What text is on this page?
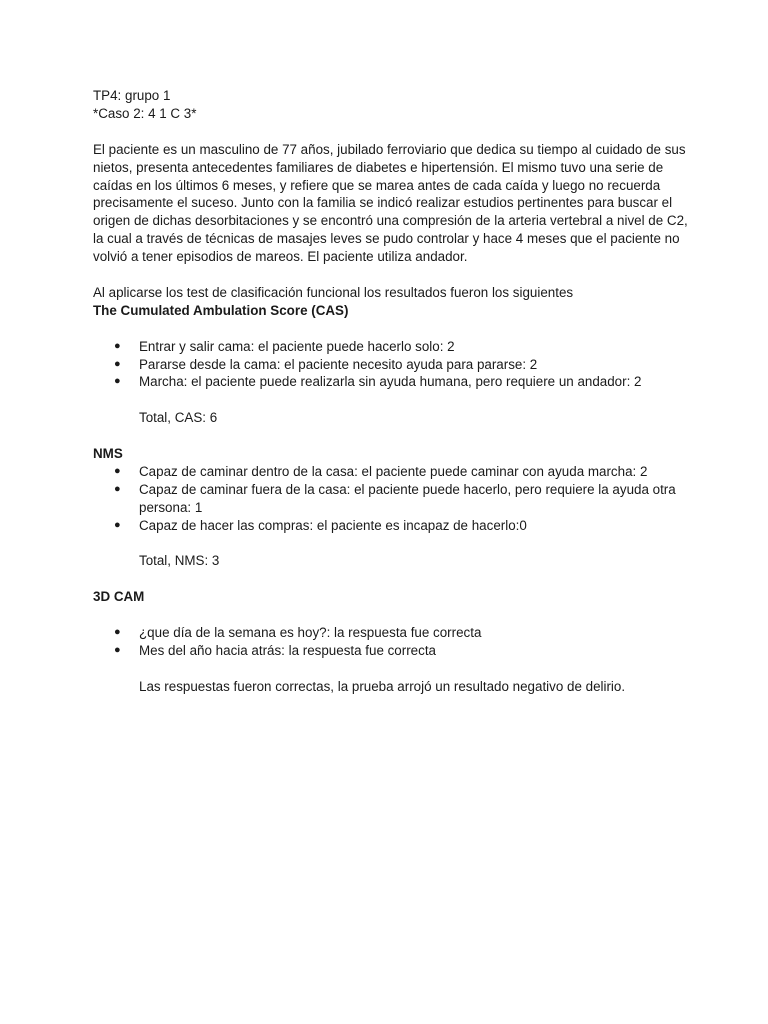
TP4: grupo 1

*Caso 2: 4 1 C 3*

El paciente es un masculino de 77 años, jubilado ferroviario que dedica su tiempo al cuidado de sus nietos, presenta antecedentes familiares de diabetes e hipertensión. El mismo tuvo una serie de caídas en los últimos 6 meses, y refiere que se marea antes de cada caída y luego no recuerda precisamente el suceso. Junto con la familia se indicó realizar estudios pertinentes para buscar el origen de dichas desorbitaciones y se encontró una compresión de la arteria vertebral a nivel de C2, la cual a través de técnicas de masajes leves se pudo controlar y hace 4 meses que el paciente no volvió a tener episodios de mareos. El paciente utiliza andador.

Al aplicarse los test de clasificación funcional los resultados fueron los siguientes

The Cumulated Ambulation Score (CAS)

● Entrar y salir cama: el paciente puede hacerlo solo: 2
● Pararse desde la cama: el paciente necesito ayuda para pararse: 2
● Marcha: el paciente puede realizarla sin ayuda humana, pero requiere un andador: 2

Total, CAS: 6

NMS

● Capaz de caminar dentro de la casa: el paciente puede caminar con ayuda marcha: 2
● Capaz de caminar fuera de la casa: el paciente puede hacerlo, pero requiere la ayuda otra persona: 1
● Capaz de hacer las compras: el paciente es incapaz de hacerlo:0

Total, NMS: 3

3D CAM

● ¿que día de la semana es hoy?: la respuesta fue correcta
● Mes del año hacia atrás: la respuesta fue correcta

Las respuestas fueron correctas, la prueba arrojó un resultado negativo de delirio.
